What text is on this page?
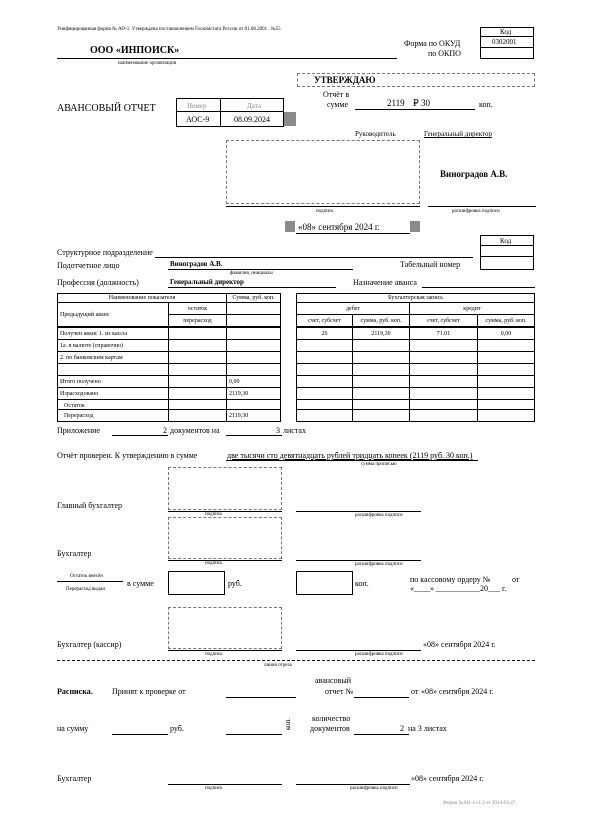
Унифицированная форма № АО-1. Утверждена постановлением Госкомстата России от 01.08.2001 . №55
ООО «ИНПОИСК»
наименование организации
Форма по ОКУД
по ОКПО
Код
0302001
УТВЕРЖДАЮ
Отчёт в
сумме	2119 ₽ 30	коп.
АВАНСОВЫЙ ОТЧЕТ	Номер	Дата
АОС-9	08.09.2024
Руководитель	Генеральный директор
Виноградов А.В.
подпись	расшифровка подписи
«08» сентября 2024 г.
Код
Структурное подразделение
Подотчетное лицо	Виноградов А.В.
фамилия, инициалы
Табельный номер
Профессия (должность)	Генеральный директор	Назначение аванса
Наименование показателя	Сумма, руб. коп.
Предыдущий аванс
остаток
перерасход
Получен аванс 1. из кассы
1а. в валюте (справочно)
2. по банковским картам
Итого получено	0,00
Израсходовано	2119,30
Остаток
Перерасход	2119,30
Бухгалтерская запись
дебет	кредит
счет, субсчет	сумма, руб. коп.	счет, субсчет	сумма, руб. коп.
26	2119,30	71.01	0,00
Приложение	2 документов на	3 листах
Отчёт проверен. К утверждению в сумме	две тысячи сто девятнадцать рублей тридцать копеек (2119 руб. 30 коп.)
сумма прописью
Главный бухгалтер
подпись	расшифровка подписи
Бухгалтер
подпись	расшифровка подписи
Остаток внесён
Перерасход выдан
в сумме	руб.	коп.	по кассовому ордеру №	от
«____» ___________20___ г.
Бухгалтер (кассир)	«08» сентября 2024 г.
подпись	расшифровка подписи
линия отреза
Расписка. Принят к проверке от
авансовый
отчет №	от «08» сентября 2024 г.
на сумму	руб.	коп.	количество
документов	2 на 3 листах
Бухгалтер
подпись	расшифровка подписи
«08» сентября 2024 г.
Форма №АО-1-v1.2 от 2024-03-27
